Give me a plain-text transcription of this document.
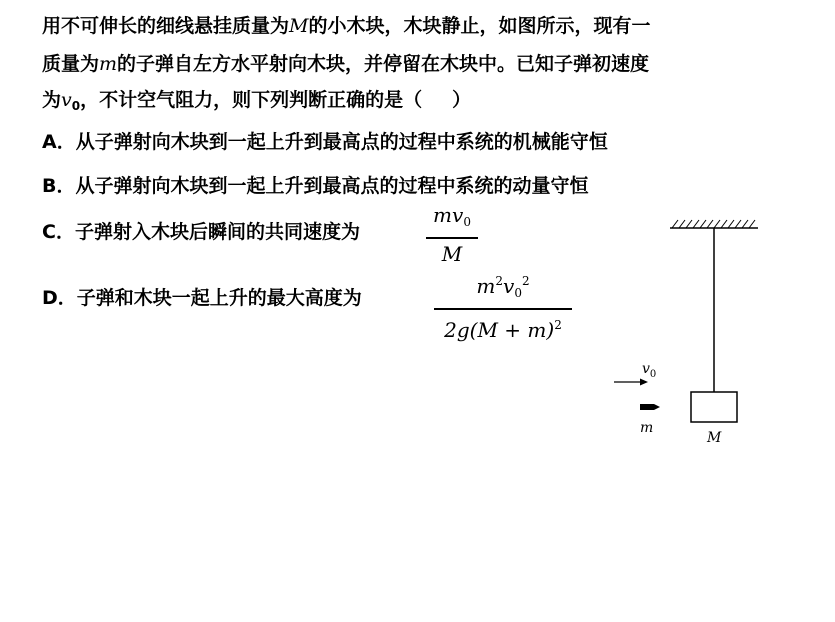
用不可伸长的细线悬挂质量为M的小木块，木块静止，如图所示，现有一
质量为m的子弹自左方水平射向木块，并停留在木块中。已知子弹初速度
为$v_0$，不计空气阻力，则下列判断正确的是（ ）
A．从子弹射向木块到一起上升到最高点的过程中系统的机械能守恒
B．从子弹射向木块到一起上升到最高点的过程中系统的动量守恒
C．子弹射入木块后瞬间的共同速度为
$mv_0$
M
D．子弹和木块一起上升的最大高度为	$m^2v_0^2$
$2g(M + m)^2$
M
$v_0$
m
